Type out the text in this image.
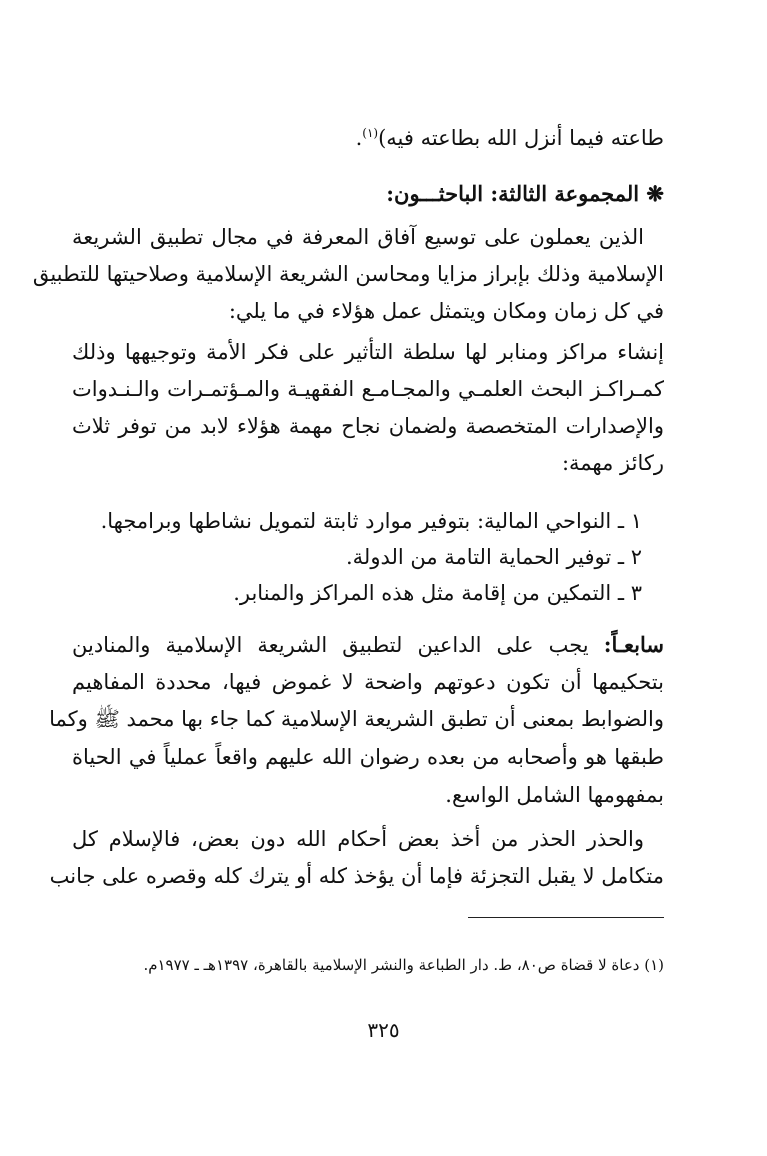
طاعته فيما أنزل الله بطاعته فيه)$^{(١)}$.
❋ المجموعة الثالثة: الباحثـــون:
الذين يعملون على توسيع آفاق المعرفة في مجال تطبيق الشريعة
الإسلامية وذلك بإبراز مزايا ومحاسن الشريعة الإسلامية وصلاحيتها للتطبيق
في كل زمان ومكان ويتمثل عمل هؤلاء في ما يلي:
إنشاء مراكز ومنابر لها سلطة التأثير على فكر الأمة وتوجيهها وذلك
كمـراكـز البحث العلمـي والمجـامـع الفقهيـة والمـؤتمـرات والـنـدوات
والإصدارات المتخصصة ولضمان نجاح مهمة هؤلاء لابد من توفر ثلاث
ركائز مهمة:
١ ـ النواحي المالية: بتوفير موارد ثابتة لتمويل نشاطها وبرامجها.
٢ ـ توفير الحماية التامة من الدولة.
٣ ـ التمكين من إقامة مثل هذه المراكز والمنابر.
سابعـاً: يجب على الداعين لتطبيق الشريعة الإسلامية والمنادين
بتحكيمها أن تكون دعوتهم واضحة لا غموض فيها، محددة المفاهيم
والضوابط بمعنى أن تطبق الشريعة الإسلامية كما جاء بها محمد ﷺ وكما
طبقها هو وأصحابه من بعده رضوان الله عليهم واقعاً عملياً في الحياة
بمفهومها الشامل الواسع.
والحذر الحذر من أخذ بعض أحكام الله دون بعض، فالإسلام كل
متكامل لا يقبل التجزئة فإما أن يؤخذ كله أو يترك كله وقصره على جانب
(١) دعاة لا قضاة ص٨٠، ط. دار الطباعة والنشر الإسلامية بالقاهرة، ١٣٩٧هـ ـ ١٩٧٧م.
٣٢٥
